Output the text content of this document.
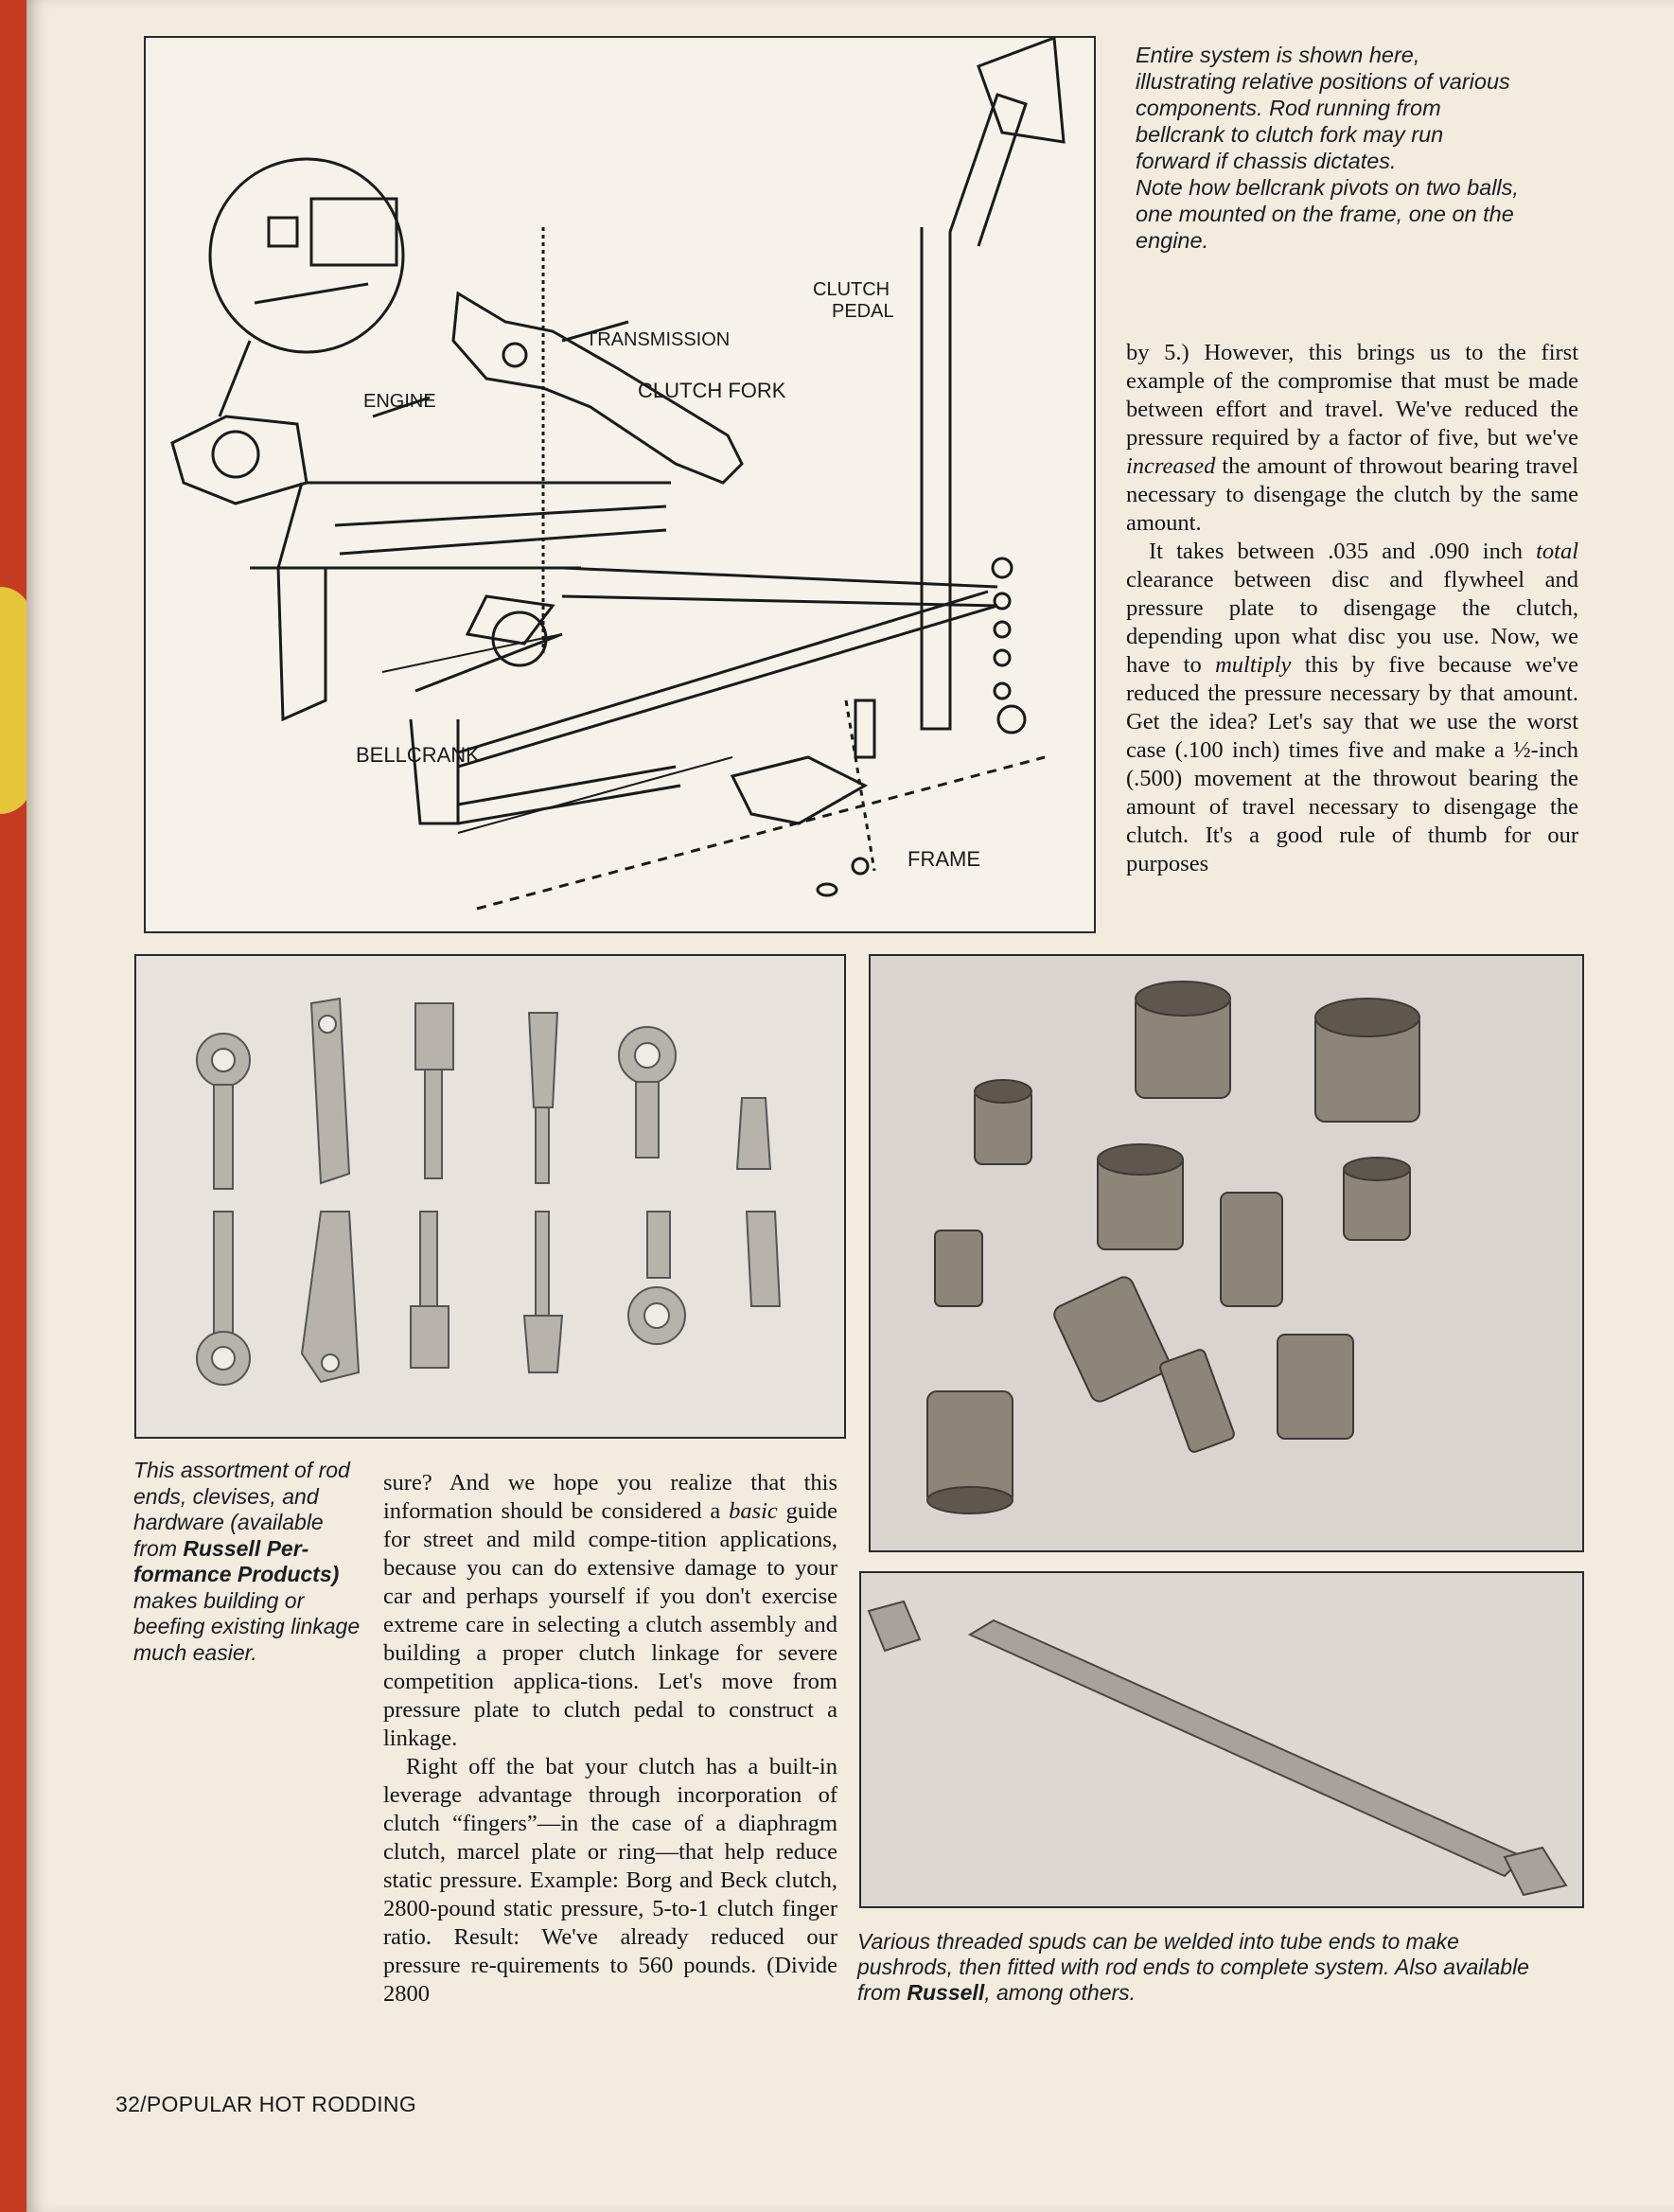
CLUTCH
PEDAL
TRANSMISSION
ENGINE	CLUTCH FORK
BELLCRANK
FRAME
Entire system is shown here,
illustrating relative positions of various
components. Rod running from
bellcrank to clutch fork may run
forward if chassis dictates.
Note how bellcrank pivots on two balls,
one mounted on the frame, one on the
engine.

by 5.) However, this brings us to the first example of the compromise that must be made between effort and travel. We've reduced the pressure required by a factor of five, but we've increased the amount of throwout bearing travel necessary to disengage the clutch by the same amount.

It takes between .035 and .090 inch total clearance between disc and flywheel and pressure plate to disengage the clutch, depending upon what disc you use. Now, we have to multiply this by five because we've reduced the pressure necessary by that amount. Get the idea? Let's say that we use the worst case (.100 inch) times five and make a ½-inch (.500) movement at the throwout bearing the amount of travel necessary to disengage the clutch. It's a good rule of thumb for our purposes

Various threaded spuds can be welded into tube ends to make pushrods, then fitted with rod ends to complete system. Also available from Russell, among others.
This assortment of rod ends, clevises, and hardware (available from Russell Per-formance Products) makes building or beefing existing linkage much easier.

sure? And we hope you realize that this information should be considered a basic guide for street and mild compe-tition applications, because you can do extensive damage to your car and perhaps yourself if you don't exercise extreme care in selecting a clutch assembly and building a proper clutch linkage for severe competition applica-tions. Let's move from pressure plate to clutch pedal to construct a linkage.

Right off the bat your clutch has a built-in leverage advantage through incorporation of clutch “fingers”—in the case of a diaphragm clutch, marcel plate or ring—that help reduce static pressure. Example: Borg and Beck clutch, 2800-pound static pressure, 5-to-1 clutch finger ratio. Result: We've already reduced our pressure re-quirements to 560 pounds. (Divide 2800

32/POPULAR HOT RODDING
